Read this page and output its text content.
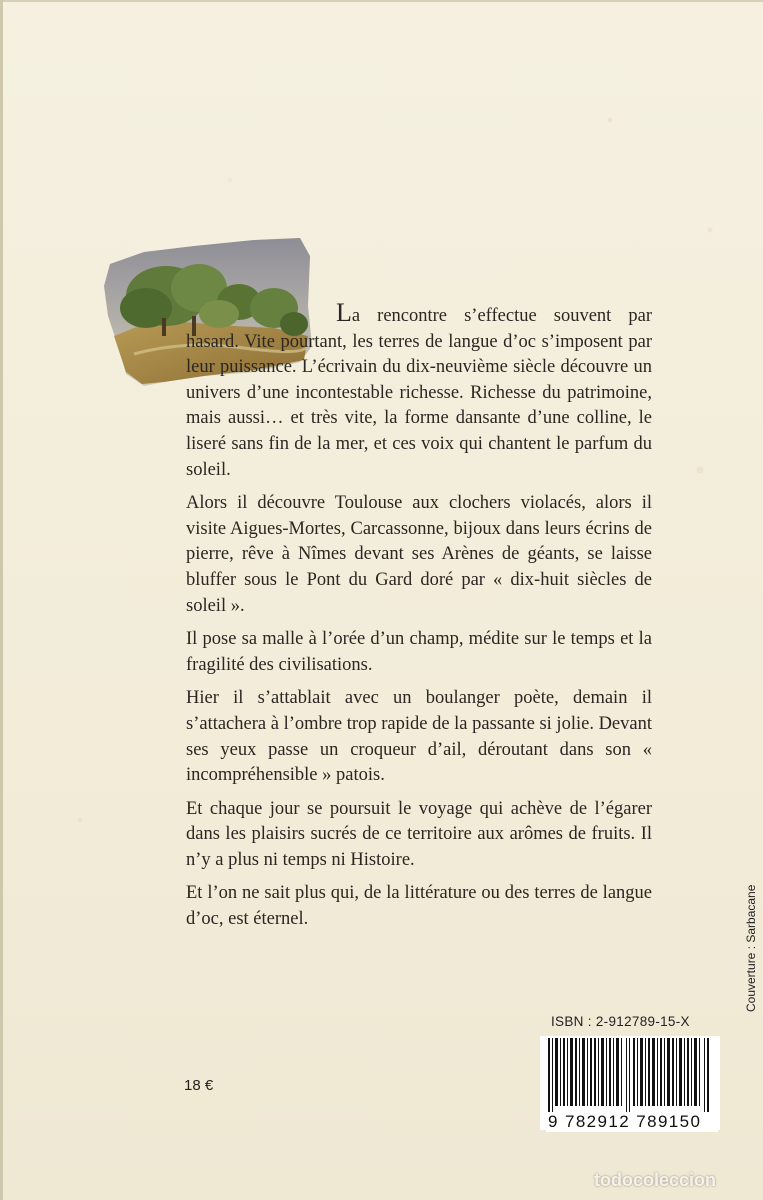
La rencontre s’effectue souvent par hasard. Vite pourtant, les terres de langue d’oc s’imposent par leur puissance. L’écrivain du dix-neuvième siècle découvre un univers d’une incontestable richesse. Richesse du patrimoine, mais aussi… et très vite, la forme dansante d’une colline, le liseré sans fin de la mer, et ces voix qui chantent le parfum du soleil.

Alors il découvre Toulouse aux clochers violacés, alors il visite Aigues-Mortes, Carcassonne, bijoux dans leurs écrins de pierre, rêve à Nîmes devant ses Arènes de géants, se laisse bluffer sous le Pont du Gard doré par « dix-huit siècles de soleil ».

Il pose sa malle à l’orée d’un champ, médite sur le temps et la fragilité des civilisations.

Hier il s’attablait avec un boulanger poète, demain il s’attachera à l’ombre trop rapide de la passante si jolie. Devant ses yeux passe un croqueur d’ail, déroutant dans son « incompréhensible » patois.

Et chaque jour se poursuit le voyage qui achève de l’égarer dans les plaisirs sucrés de ce territoire aux arômes de fruits. Il n’y a plus ni temps ni Histoire.

Et l’on ne sait plus qui, de la littérature ou des terres de langue d’oc, est éternel.

ISBN : 2-912789-15-X
9 782912 789150
18 €
Couverture : Sarbacane
todocoleccion
